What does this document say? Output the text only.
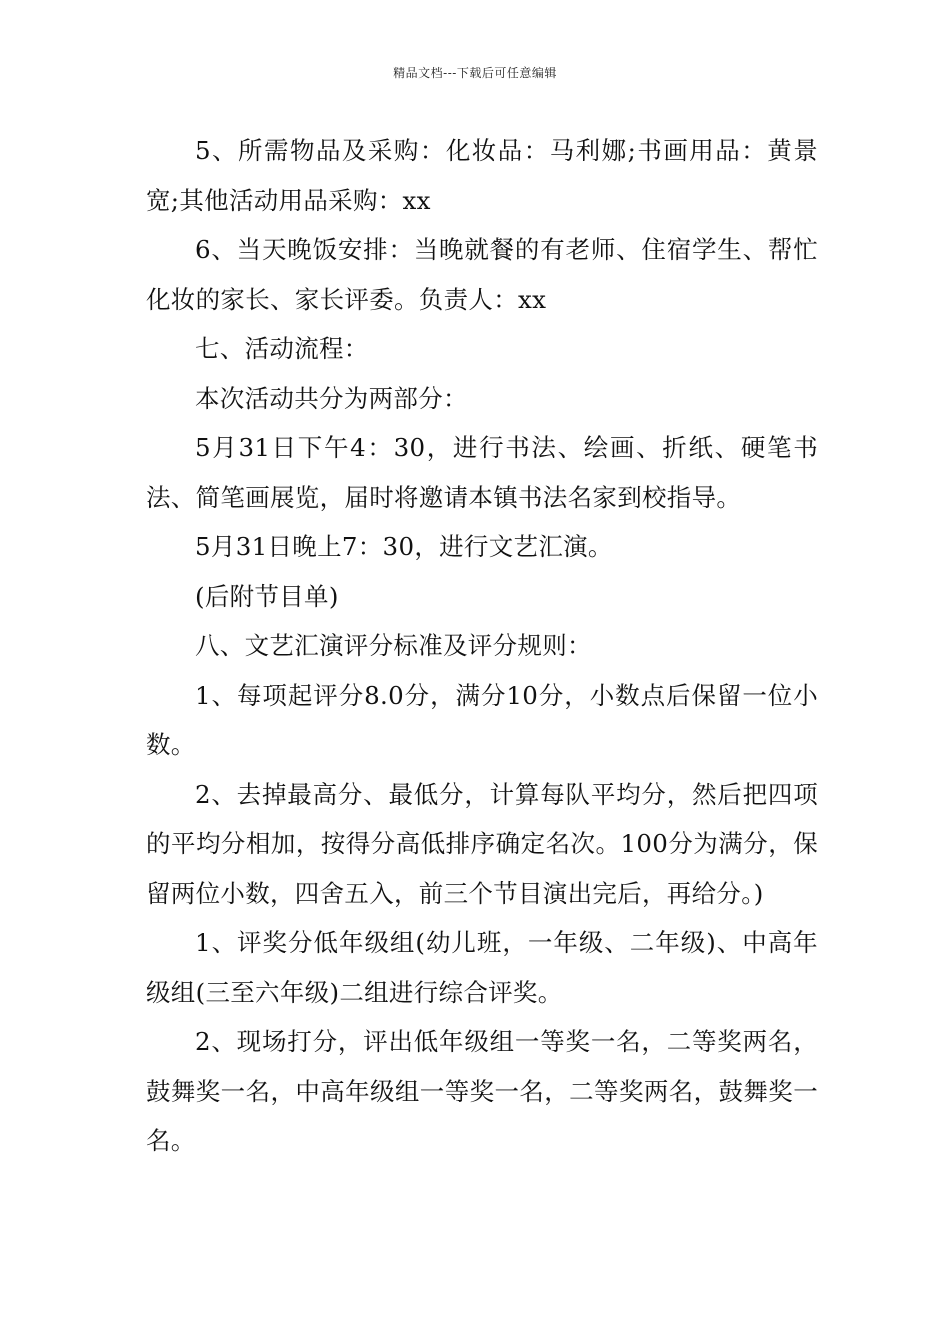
精品文档---下载后可任意编辑

5、所需物品及采购：化妆品：马利娜;书画用品：黄景宽;其他活动用品采购：xx

6、当天晚饭安排：当晚就餐的有老师、住宿学生、帮忙化妆的家长、家长评委。负责人：xx

七、活动流程：

本次活动共分为两部分：

5月31日下午4：30，进行书法、绘画、折纸、硬笔书法、简笔画展览，届时将邀请本镇书法名家到校指导。

5月31日晚上7：30，进行文艺汇演。

(后附节目单)

八、文艺汇演评分标准及评分规则：

1、每项起评分8.0分，满分10分，小数点后保留一位小数。

2、去掉最高分、最低分，计算每队平均分，然后把四项的平均分相加，按得分高低排序确定名次。100分为满分，保留两位小数，四舍五入，前三个节目演出完后，再给分。)

1、评奖分低年级组(幼儿班，一年级、二年级)、中高年级组(三至六年级)二组进行综合评奖。

2、现场打分，评出低年级组一等奖一名，二等奖两名，鼓舞奖一名，中高年级组一等奖一名，二等奖两名，鼓舞奖一名。
